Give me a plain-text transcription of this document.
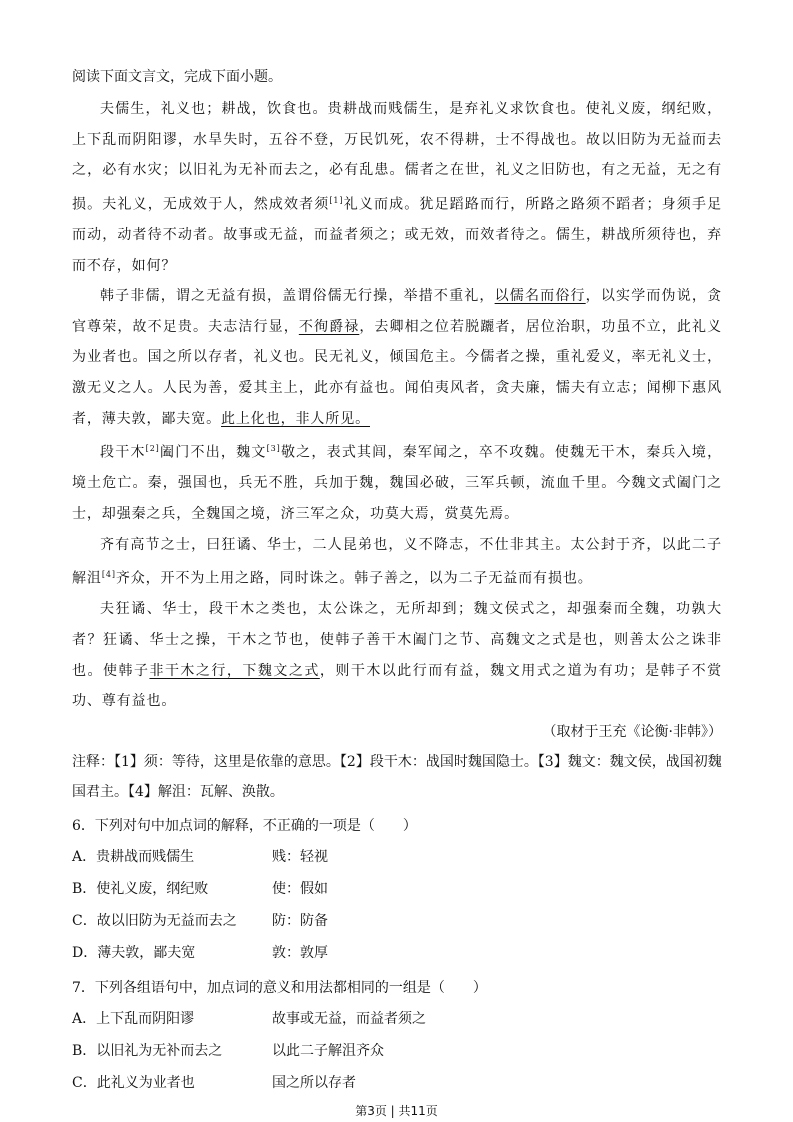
阅读下面文言文，完成下面小题。

夫儒生，礼义也；耕战，饮食也。贵耕战而贱儒生，是弃礼义求饮食也。使礼义废，纲纪败，上下乱而阴阳谬，水旱失时，五谷不登，万民饥死，农不得耕，士不得战也。故以旧防为无益而去之，必有水灾；以旧礼为无补而去之，必有乱患。儒者之在世，礼义之旧防也，有之无益，无之有损。夫礼义，无成效于人，然成效者须[1]礼义而成。犹足蹈路而行，所路之路须不蹈者；身须手足而动，动者待不动者。故事或无益，而益者须之；或无效，而效者待之。儒生，耕战所须待也，弃而不存，如何？

韩子非儒，谓之无益有损，盖谓俗儒无行操，举措不重礼，以儒名而俗行，以实学而伪说，贪官尊荣，故不足贵。夫志洁行显，不徇爵禄，去卿相之位若脱躧者，居位治职，功虽不立，此礼义为业者也。国之所以存者，礼义也。民无礼义，倾国危主。今儒者之操，重礼爱义，率无礼义士，激无义之人。人民为善，爱其主上，此亦有益也。闻伯夷风者，贪夫廉，懦夫有立志；闻柳下惠风者，薄夫敦，鄙夫宽。此上化也，非人所见。

段干木[2]阖门不出，魏文[3]敬之，表式其闾，秦军闻之，卒不攻魏。使魏无干木，秦兵入境，境土危亡。秦，强国也，兵无不胜，兵加于魏，魏国必破，三军兵顿，流血千里。今魏文式阖门之士，却强秦之兵，全魏国之境，济三军之众，功莫大焉，赏莫先焉。

齐有高节之士，曰狂谲、华士，二人昆弟也，义不降志，不仕非其主。太公封于齐，以此二子解沮[4]齐众，开不为上用之路，同时诛之。韩子善之，以为二子无益而有损也。

夫狂谲、华士，段干木之类也，太公诛之，无所却到；魏文侯式之，却强秦而全魏，功孰大者？狂谲、华士之操，干木之节也，使韩子善干木阖门之节、高魏文之式是也，则善太公之诛非也。使韩子非干木之行，下魏文之式，则干木以此行而有益，魏文用式之道为有功；是韩子不赏功、尊有益也。

（取材于王充《论衡·非韩》）

注释：【1】须：等待，这里是依靠的意思。【2】段干木：战国时魏国隐士。【3】魏文：魏文侯，战国初魏国君主。【4】解沮：瓦解、涣散。

6．下列对句中加点词的解释，不正确的一项是（　　）

A．贵耕战而贱儒生	贱：轻视
B．使礼义废，纲纪败	使：假如
C．故以旧防为无益而去之	防：防备
D．薄夫敦，鄙夫宽	敦：敦厚

7．下列各组语句中，加点词的意义和用法都相同的一组是（　　）

A．上下乱而阴阳谬	故事或无益，而益者须之
B．以旧礼为无补而去之	以此二子解沮齐众
C．此礼义为业者也	国之所以存者
第3页 | 共11页
